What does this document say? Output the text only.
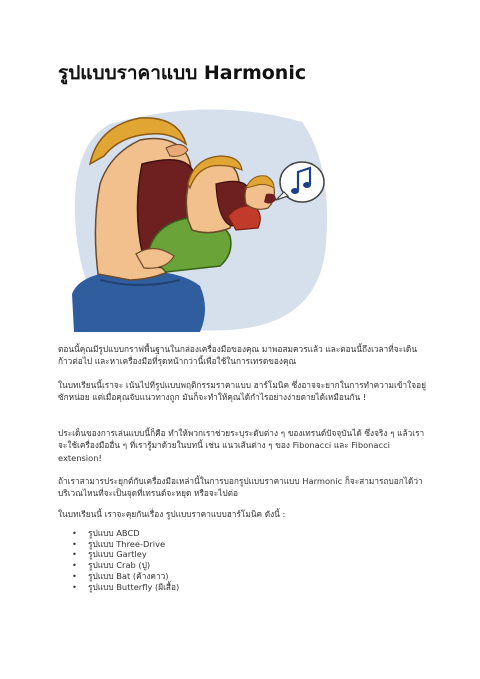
รูปแบบราคาแบบ Harmonic

ตอนนี้คุณมีรูปแบบกราฟพื้นฐานในกล่องเครื่องมือของคุณ มาพอสมควรแล้ว และตอนนี้ถึงเวลาที่จะเดินก้าวต่อไป และหาเครื่องมือที่รุดหน้ากว่านี้เพื่อใช้ในการเทรดของคุณ

ในบทเรียนนี้เราจะ เน้นไปที่รูปแบบพฤติกรรมราคาแบบ ฮาร์โมนิค ซึ่งอาจจะยากในการทำความเข้าใจอยู่ซักหน่อย แต่เมื่อคุณจับแนวทางถูก มันก็จะทำให้คุณได้กำไรอย่างง่ายดายได้เหมือนกัน !

ประเด็นของการเล่นแบบนี้ก็คือ ทำให้พวกเราช่วยระบุระดับต่าง ๆ ของเทรนด์ปัจจุบันได้ ซึ่งจริง ๆ แล้วเราจะใช้เครื่องมืออื่น ๆ ที่เรารู้มาด้วยในบทนี้ เช่น แนวเส้นต่าง ๆ ของ Fibonacci และ Fibonacci extension!

ถ้าเราสามารประยุกต์กับเครื่องมือเหล่านี้ในการบอกรูปแบบราคาแบบ Harmonic ก็จะสามารถบอกได้ว่าบริเวณไหนที่จะเป็นจุดที่เทรนด์จะหยุด หรือจะไปต่อ

ในบทเรียนนี้ เราจะคุยกันเรื่อง รูปแบบราคาแบบฮาร์โมนิค ดังนี้ :

• รูปแบบ ABCD
• รูปแบบ Three-Drive
• รูปแบบ Gartley
• รูปแบบ Crab (ปู)
• รูปแบบ Bat (ค้างคาว)
• รูปแบบ Butterfly (ผีเสื้อ)
